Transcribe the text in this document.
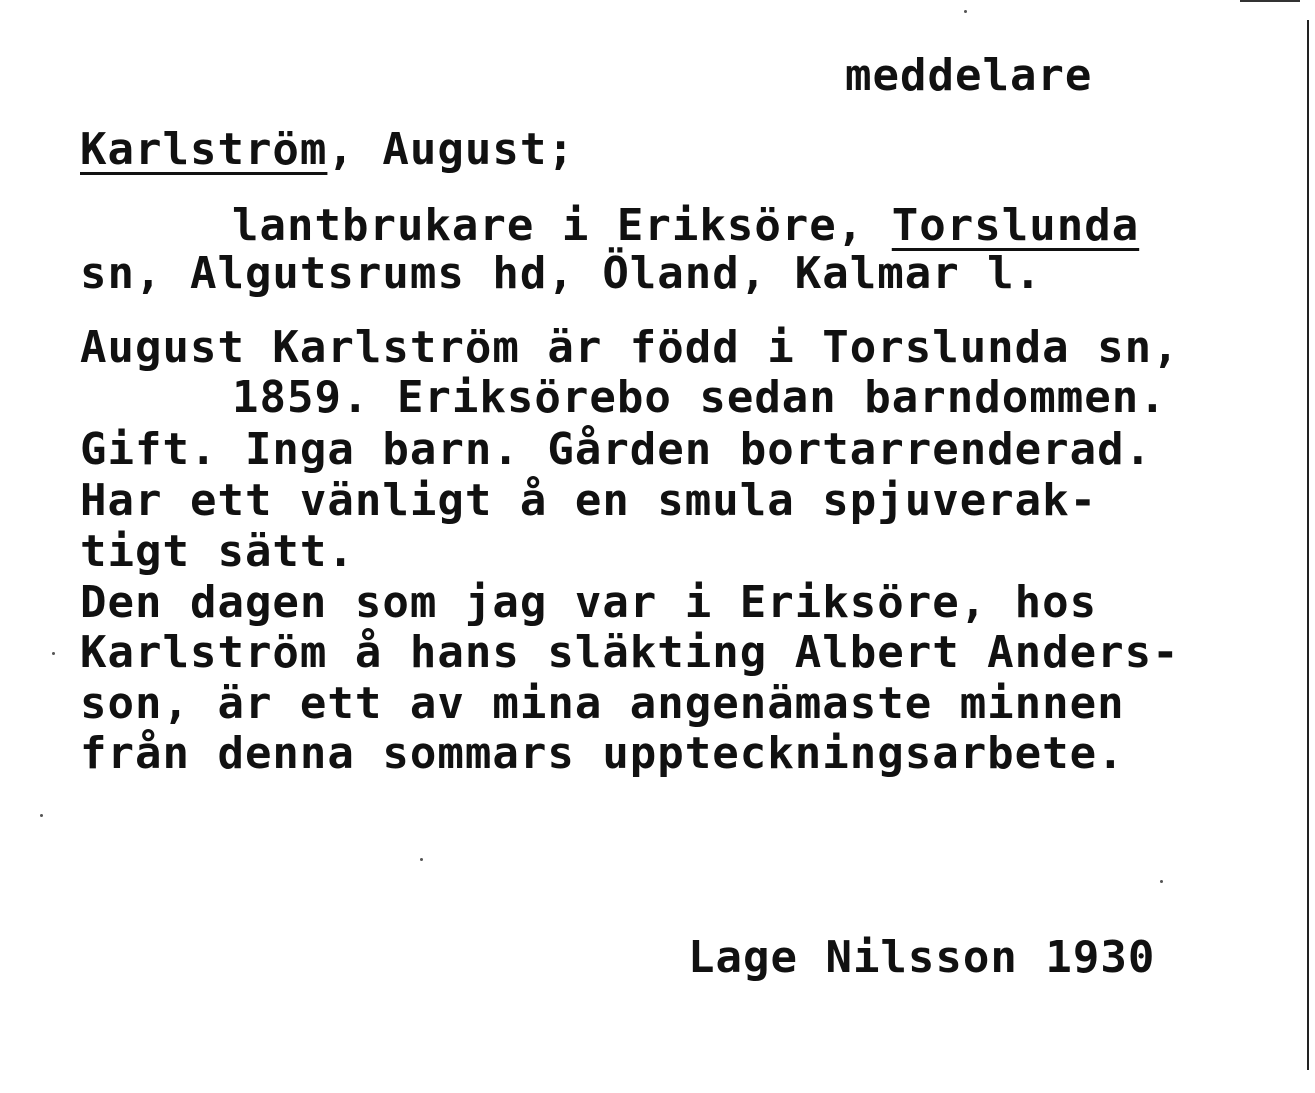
meddelare
Karlström, August;
lantbrukare i Eriksöre, Torslunda
sn, Algutsrums hd, Öland, Kalmar l.
August Karlström är född i Torslunda sn,
1859. Eriksörebo sedan barndommen.
Gift. Inga barn. Gården bortarrenderad.
Har ett vänligt å en smula spjuverak-
tigt sätt.
Den dagen som jag var i Eriksöre, hos
Karlström å hans släkting Albert Anders-
son, är ett av mina angenämaste minnen
från denna sommars uppteckningsarbete.
Lage Nilsson 1930
